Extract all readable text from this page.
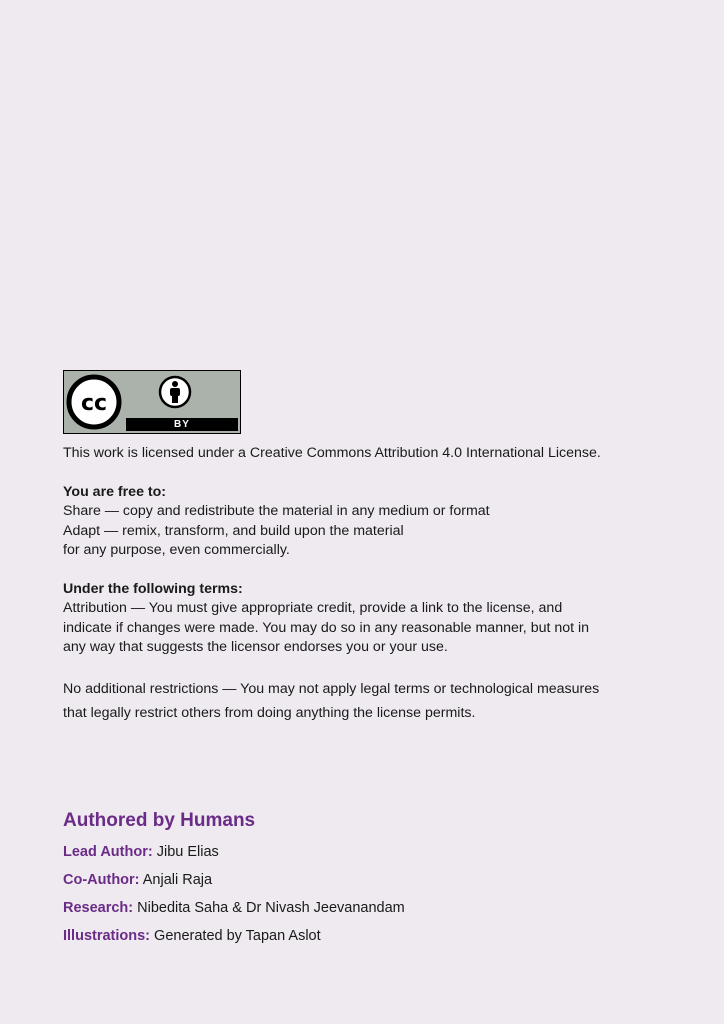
cc
BY

This work is licensed under a Creative Commons Attribution 4.0 International License.

You are free to:

Share — copy and redistribute the material in any medium or format

Adapt — remix, transform, and build upon the material

for any purpose, even commercially.

Under the following terms:

Attribution — You must give appropriate credit, provide a link to the license, and

indicate if changes were made. You may do so in any reasonable manner, but not in

any way that suggests the licensor endorses you or your use.

No additional restrictions — You may not apply legal terms or technological measures

that legally restrict others from doing anything the license permits.

Authored by Humans

Lead Author: Jibu Elias
Co-Author: Anjali Raja
Research: Nibedita Saha & Dr Nivash Jeevanandam
Illustrations: Generated by Tapan Aslot
